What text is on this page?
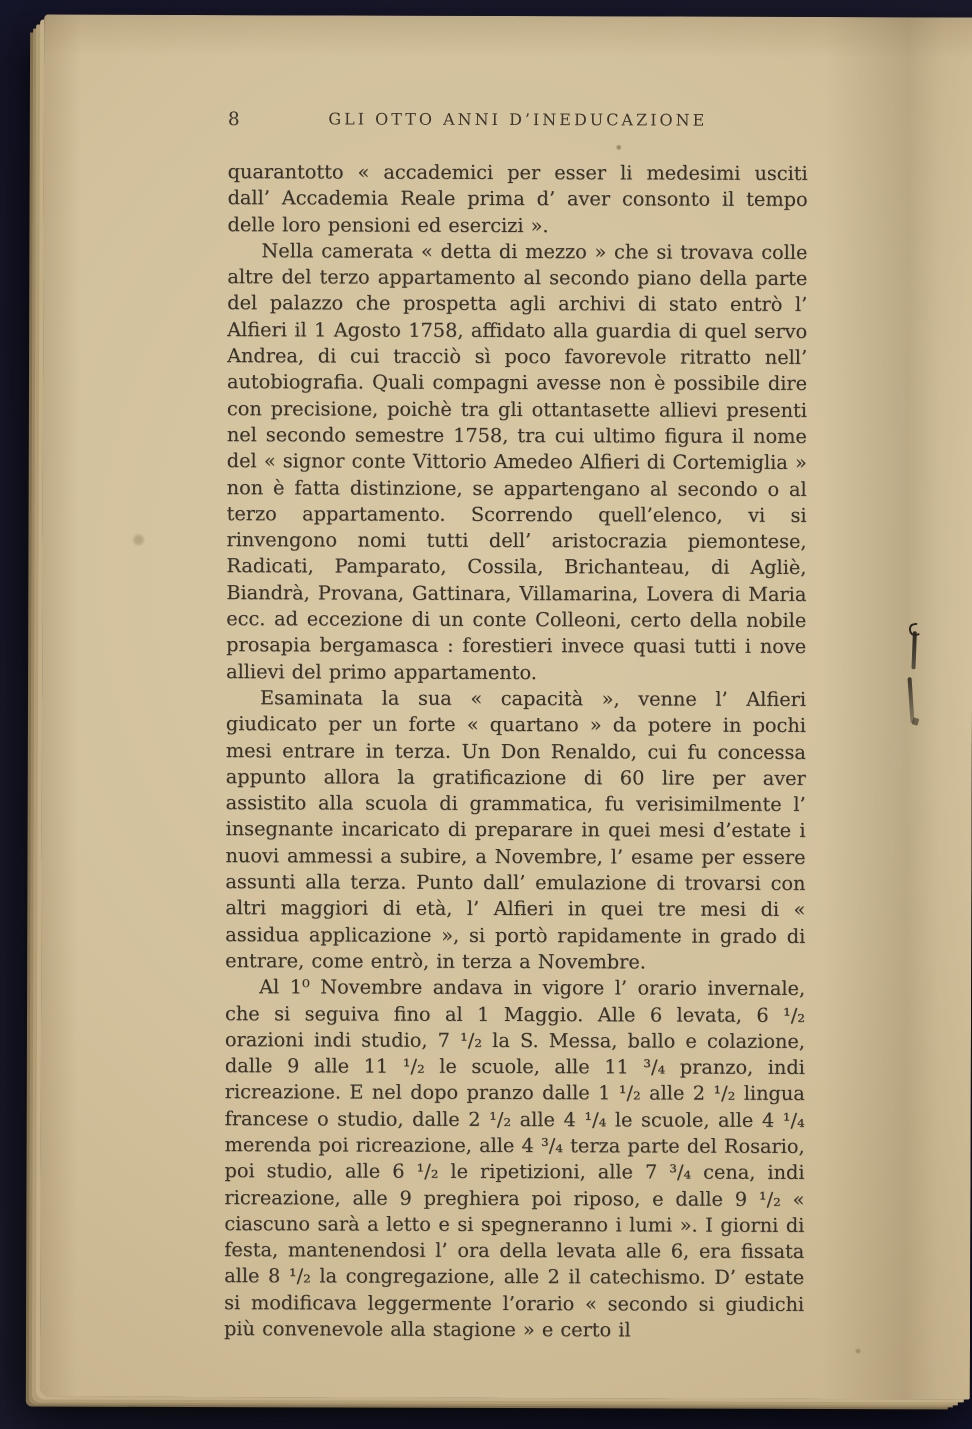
8	GLI OTTO ANNI D’INEDUCAZIONE

quarantotto « accademici per esser li medesimi usciti dall’ Accademia Reale prima d’ aver consonto il tempo delle loro pensioni ed esercizi ».

Nella camerata « detta di mezzo » che si trovava colle altre del terzo appartamento al secondo piano della parte del palazzo che prospetta agli archivi di stato entrò l’ Alfieri il 1 Agosto 1758, affidato alla guardia di quel servo Andrea, di cui tracciò sì poco favorevole ritratto nell’ autobiografia. Quali compagni avesse non è possibile dire con precisione, poichè tra gli ottantasette allievi presenti nel secondo semestre 1758, tra cui ultimo figura il nome del « signor conte Vittorio Amedeo Alfieri di Cortemiglia » non è fatta distinzione, se appartengano al secondo o al terzo appartamento. Scorrendo quell’elenco, vi si rinvengono nomi tutti dell’ aristocrazia piemontese, Radicati, Pamparato, Cossila, Brichanteau, di Agliè, Biandrà, Provana, Gattinara, Villamarina, Lovera di Maria ecc. ad eccezione di un conte Colleoni, certo della nobile prosapia bergamasca : forestieri invece quasi tutti i nove allievi del primo appartamento.

Esaminata la sua « capacità », venne l’ Alfieri giudicato per un forte « quartano » da potere in pochi mesi entrare in terza. Un Don Renaldo, cui fu concessa appunto allora la gratificazione di 60 lire per aver assistito alla scuola di grammatica, fu verisimilmente l’ insegnante incaricato di preparare in quei mesi d’estate i nuovi ammessi a subire, a Novembre, l’ esame per essere assunti alla terza. Punto dall’ emulazione di trovarsi con altri maggiori di età, l’ Alfieri in quei tre mesi di « assidua applicazione », si portò rapidamente in grado di entrare, come entrò, in terza a Novembre.

Al 1⁰ Novembre andava in vigore l’ orario invernale, che si seguiva fino al 1 Maggio. Alle 6 levata, 6 ¹/₂ orazioni indi studio, 7 ¹/₂ la S. Messa, ballo e colazione, dalle 9 alle 11 ¹/₂ le scuole, alle 11 ³/₄ pranzo, indi ricreazione. E nel dopo pranzo dalle 1 ¹/₂ alle 2 ¹/₂ lingua francese o studio, dalle 2 ¹/₂ alle 4 ¹/₄ le scuole, alle 4 ¹/₄ merenda poi ricreazione, alle 4 ³/₄ terza parte del Rosario, poi studio, alle 6 ¹/₂ le ripetizioni, alle 7 ³/₄ cena, indi ricreazione, alle 9 preghiera poi riposo, e dalle 9 ¹/₂ « ciascuno sarà a letto e si spegneranno i lumi ». I giorni di festa, mantenendosi l’ ora della levata alle 6, era fissata alle 8 ¹/₂ la congregazione, alle 2 il catechismo. D’ estate si modificava leggermente l’orario « secondo si giudichi più convenevole alla stagione » e certo il
